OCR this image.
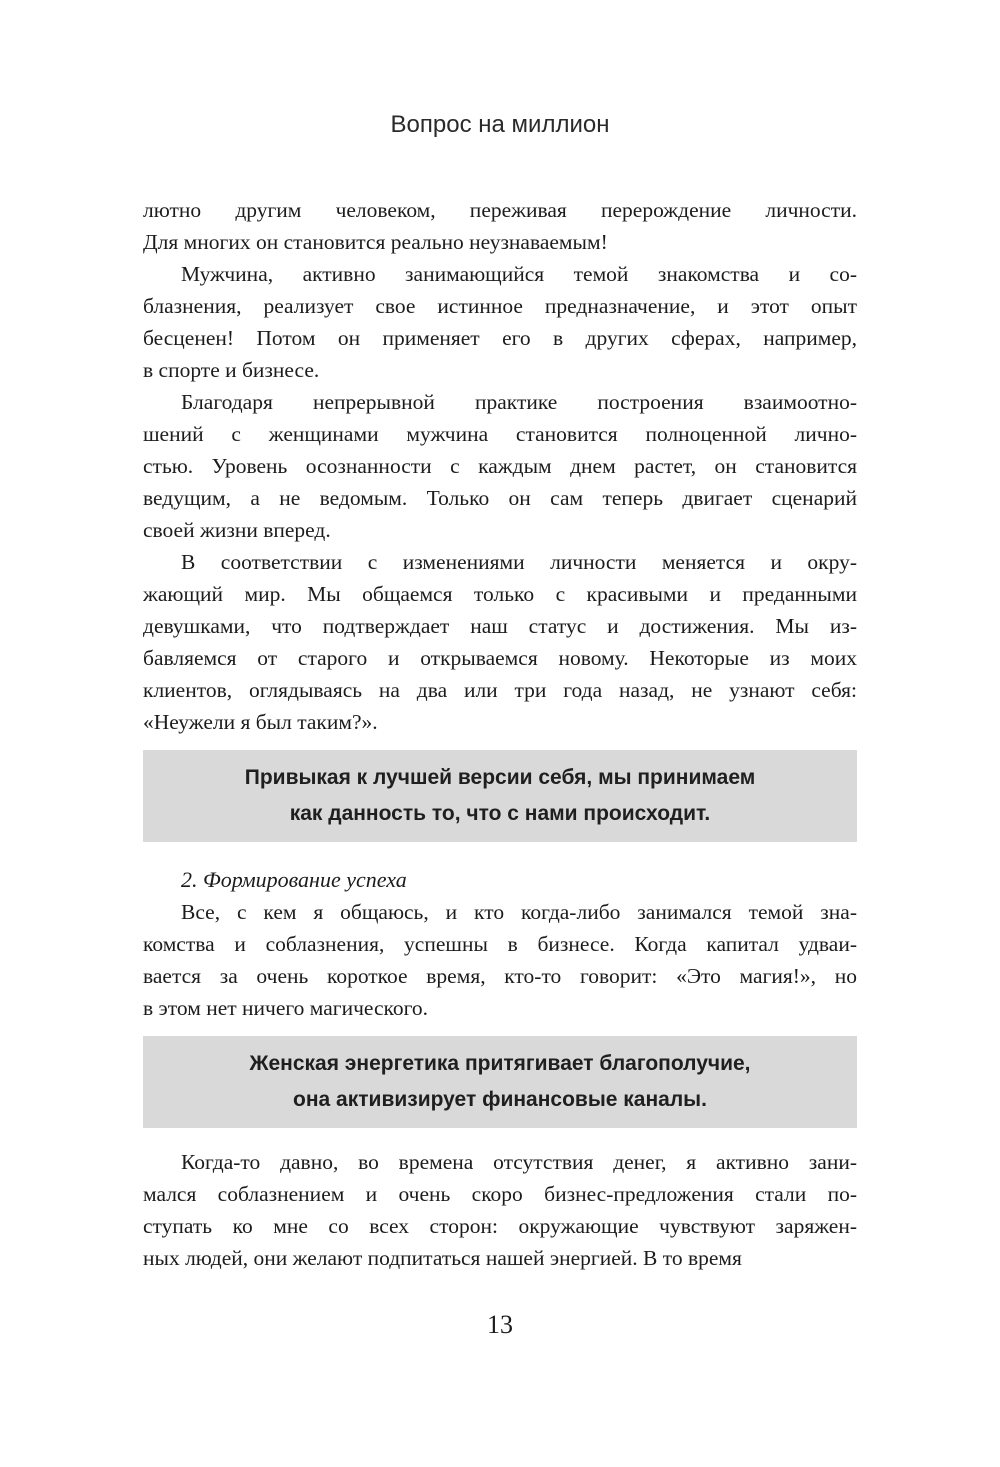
Вопрос на миллион
лютно другим человеком, переживая перерождение личности.
Для многих он становится реально неузнаваемым!
Мужчина, активно занимающийся темой знакомства и со-
блазнения, реализует свое истинное предназначение, и этот опыт
бесценен! Потом он применяет его в других сферах, например,
в спорте и бизнесе.
Благодаря непрерывной практике построения взаимоотно-
шений с женщинами мужчина становится полноценной лично-
стью. Уровень осознанности с каждым днем растет, он становится
ведущим, а не ведомым. Только он сам теперь двигает сценарий
своей жизни вперед.
В соответствии с изменениями личности меняется и окру-
жающий мир. Мы общаемся только с красивыми и преданными
девушками, что подтверждает наш статус и достижения. Мы из-
бавляемся от старого и открываемся новому. Некоторые из моих
клиентов, оглядываясь на два или три года назад, не узнают себя:
«Неужели я был таким?».
Привыкая к лучшей версии себя, мы принимаем
как данность то, что с нами происходит.
2. Формирование успеха
Все, с кем я общаюсь, и кто когда-либо занимался темой зна-
комства и соблазнения, успешны в бизнесе. Когда капитал удваи-
вается за очень короткое время, кто-то говорит: «Это магия!», но
в этом нет ничего магического.
Женская энергетика притягивает благополучие,
она активизирует финансовые каналы.
Когда-то давно, во времена отсутствия денег, я активно зани-
мался соблазнением и очень скоро бизнес-предложения стали по-
ступать ко мне со всех сторон: окружающие чувствуют заряжен-
ных людей, они желают подпитаться нашей энергией. В то время
13
